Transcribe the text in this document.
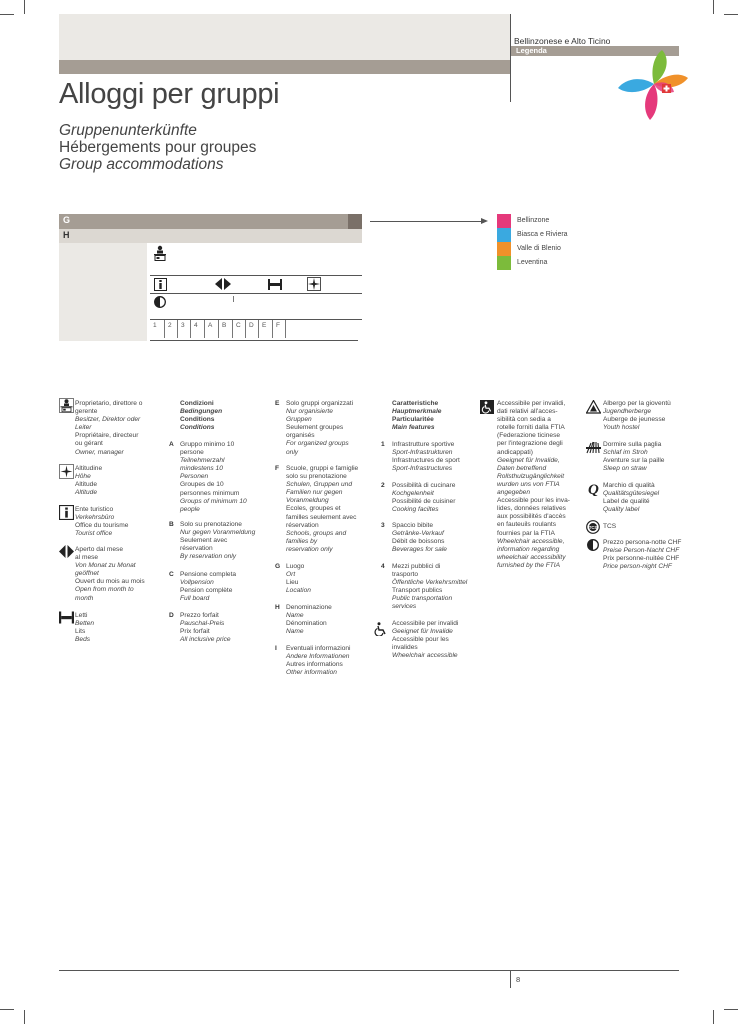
Bellinzonese e Alto Ticino
Legenda
Alloggi per gruppi
Gruppenunterkünfte
Hébergements pour groupes
Group accommodations
G
H
Bellinzone
Biasca e Riviera
Valle di Blenio
Leventina
1	2	3	4	A	B	C	D	E	F
Proprietario, direttore o
gerente
Besitzer, Direktor oder
Leiter
Propriétaire, directeur
ou gérant
Owner, manager
Altitudine
Höhe
Altitude
Altitude
Ente turistico
Verkehrsbüro
Office du tourisme
Tourist office
Aperto dal mese
al mese
Von Monat zu Monat
geöffnet
Ouvert du mois au mois
Open from month to
month
Letti
Betten
Lits
Beds
Condizioni
Bedingungen
Conditions
Conditions
A Gruppo minimo 10
persone
Teilnehmerzahl
mindestens 10
Personen
Groupes de 10
personnes minimum
Groups of minimum 10
people
B Solo su prenotazione
Nur gegen Voranmeldung
Seulement avec
réservation
By reservation only
C Pensione completa
Vollpension
Pension complète
Full board
D Prezzo forfait
Pauschal-Preis
Prix forfait
All inclusive price
E Solo gruppi organizzati
Nur organisierte
Gruppen
Seulement groupes
organisés
For organized groups
only
F Scuole, gruppi e famiglie
solo su prenotazione
Schulen, Gruppen und
Familien nur gegen
Voranmeldung
Ecoles, groupes et
familles seulement avec
réservation
Schools, groups and
families by
reservation only
G Luogo
Ort
Lieu
Location
H Denominazione
Name
Dénomination
Name
I Eventuali informazioni
Andere Informationen
Autres informations
Other information
Caratteristiche
Hauptmerkmale
Particularitée
Main features
1 Infrastrutture sportive
Sport-Infrastrukturen
Infrastructures de sport
Sport-Infrastructures
2 Possibilità di cucinare
Kochgelenheit
Possibilité de cuisiner
Cooking faciltes
3 Spaccio bibite
Getränke-Verkauf
Débit de boissons
Beverages for sale
4 Mezzi pubblici di
trasporto
Öffentliche Verkehrsmittel
Transport publics
Public transportation
services
Accessibile per invalidi
Geeignet für Invalide
Accessible pour les
invalides
Wheelchair accessible
Accessibile per invalidi,
dati relativi all'acces-
sibilità con sedia a
rotelle forniti dalla FTIA
(Federazione ticinese
per l'integrazione degli
andicappati)
Geeignet für Invalide,
Daten betreffend
Rollsthulzugänglichkeit
wurden uns von FTIA
angegeben
Accessible pour les inva-
lides, données relatives
aux possibilités d'accès
en fauteuils roulants
fournies par la FTIA
Wheelchair accessible,
information regarding
wheelchair accessibility
furnished by the FTIA
Albergo per la gioventù
Jugendherberge
Auberge de jeunesse
Youth hostel
Dormire sulla paglia
Schlaf im Stroh
Aventure sur la paille
Sleep on straw
Q Marchio di qualità
Qualitätsgütesiegel
Label de qualité
Quality label
TCS TCS
Prezzo persona-notte CHF
Preise Person-Nacht CHF
Prix personne-nuitée CHF
Price person-night CHF
8
